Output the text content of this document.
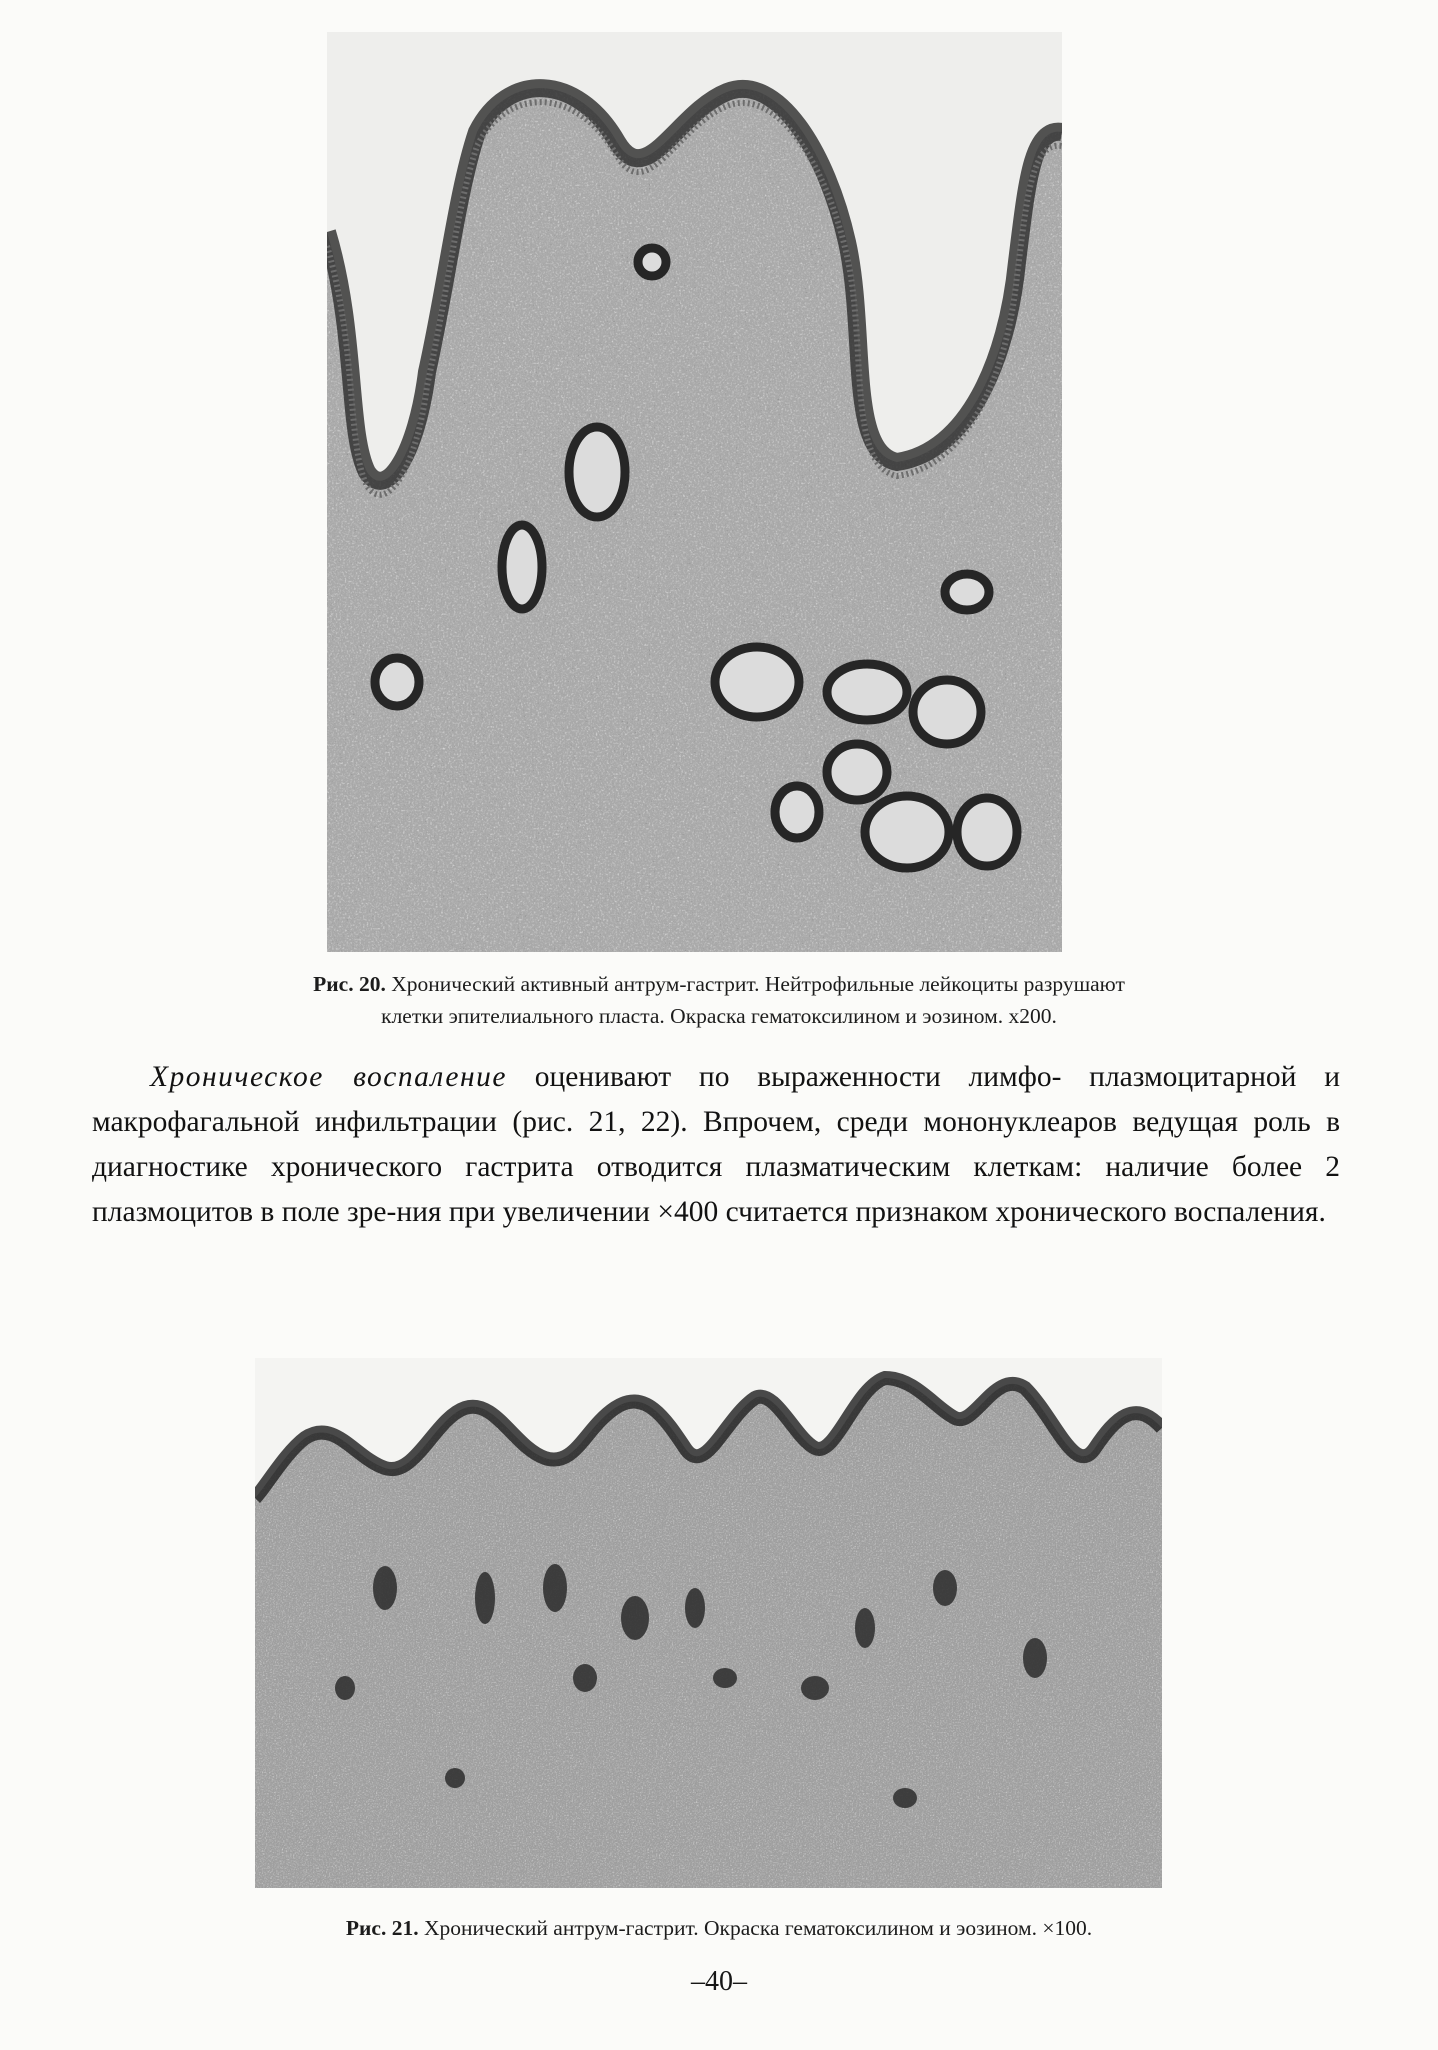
Рис. 20. Хронический активный антрум-гастрит. Нейтрофильные лейкоциты разрушают
клетки эпителиального пласта. Окраска гематоксилином и эозином. х200.

Хроническое воспаление оценивают по выраженности лимфо- плазмоцитарной и макрофагальной инфильтрации (рис. 21, 22). Впрочем, среди мононуклеаров ведущая роль в диагностике хронического гастрита отводится плазматическим клеткам: наличие более 2 плазмоцитов в поле зре-ния при увеличении ×400 считается признаком хронического воспаления.

Рис. 21. Хронический антрум-гастрит. Окраска гематоксилином и эозином. ×100.

–40–
